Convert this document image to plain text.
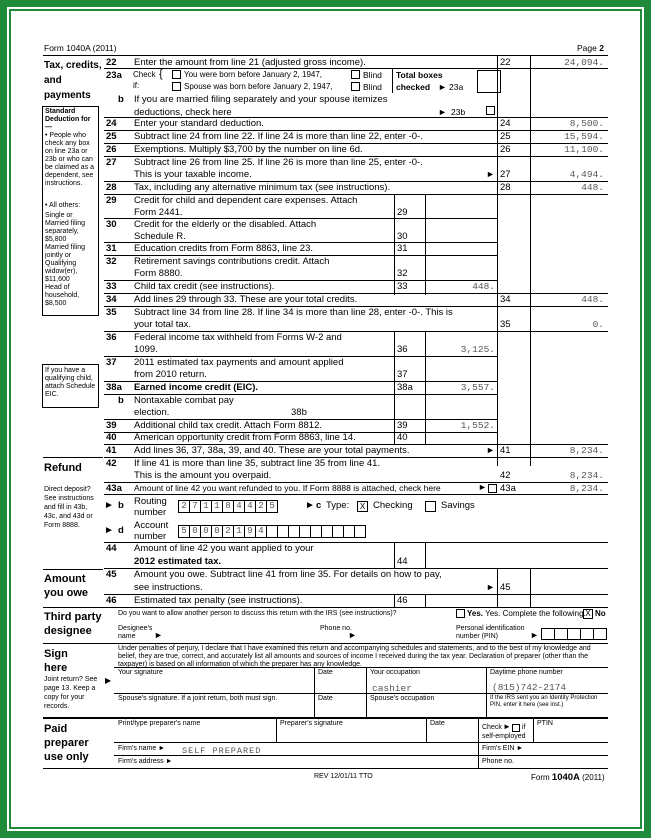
Form 1040A (2011)	Page 2
Tax, credits, and payments
Standard Deduction for—
• People who check any box on line 23a or 23b or who can be claimed as a dependent, see instructions.
• All others:
Single or Married filing separately, $5,800
Married filing jointly or Qualifying widow(er), $11,600
Head of household, $8,500
If you have a qualifying child, attach Schedule EIC.
Refund
Direct deposit? See instructions and fill in 43b, 43c, and 43d or Form 8888.
Amount you owe
Third party designee
Sign here
Joint return? See page 13. Keep a copy for your records.
Paid preparer use only
22 Enter the amount from line 21 (adjusted gross income).	22	24,094.
23a Check
if:
{	You were born before January 2, 1947,
Spouse was born before January 2, 1947,
Blind
Blind
Total boxes
checked ► 23a
b If you are married filing separately and your spouse itemizes
deductions, check here	► 23b
24 Enter your standard deduction.	24	8,500.
25 Subtract line 24 from line 22. If line 24 is more than line 22, enter -0-.	25	15,594.
26 Exemptions. Multiply $3,700 by the number on line 6d.	26	11,100.
27 Subtract line 26 from line 25. If line 26 is more than line 25, enter -0-.
This is your taxable income.	► 27	4,494.
28 Tax, including any alternative minimum tax (see instructions).	28	448.
29 Credit for child and dependent care expenses. Attach
Form 2441.	29
30 Credit for the elderly or the disabled. Attach
Schedule R.	30
31 Education credits from Form 8863, line 23.	31
32 Retirement savings contributions credit. Attach
Form 8880.	32
33 Child tax credit (see instructions).	33	448.
34 Add lines 29 through 33. These are your total credits.	34	448.
35 Subtract line 34 from line 28. If line 34 is more than line 28, enter -0-. This is
your total tax.	35	0.
36 Federal income tax withheld from Forms W-2 and
1099.	36	3,125.
37 2011 estimated tax payments and amount applied
from 2010 return.	37
38a Earned income credit (EIC).	38a	3,557.
b Nontaxable combat pay
election.	38b
39 Additional child tax credit. Attach Form 8812.	39	1,552.
40 American opportunity credit from Form 8863, line 14.	40
41 Add lines 36, 37, 38a, 39, and 40. These are your total payments.	► 41	8,234.
42 If line 41 is more than line 35, subtract line 35 from line 41.
This is the amount you overpaid.	42	8,234.
43a Amount of line 42 you want refunded to you. If Form 8888 is attached, check here	► 43a	8,234.
► b Routing
number
2 7 1 1 8 4 4 2 5	► c Type:	X Checking	Savings
► d Account
number	5 0 0 0 2 1 9 4
44 Amount of line 42 you want applied to your
2012 estimated tax.	44
45 Amount you owe. Subtract line 41 from line 35. For details on how to pay,
see instructions.	► 45
46 Estimated tax penalty (see instructions).	46
Do you want to allow another person to discuss this return with the IRS (see instructions)?	Yes. Yes. Complete the following. X No
Designee's name	►
Phone no.
►
Personal identification number (PIN)	►
Under penalties of perjury, I declare that I have examined this return and accompanying schedules and statements, and to the best of my knowledge and belief, they are true, correct, and accurately list all amounts and sources of income I received during the tax year. Declaration of preparer (other than the taxpayer) is based on all information of which the preparer has any knowledge.
▶
Your signature	Date	Your occupation
cashier
Daytime phone number
(815)742-2174
Spouse's signature. If a joint return, both must sign.	Date	Spouse's occupation	If the IRS sent you an Identity Protection PIN, enter it here (see inst.)
Print/type preparer's name	Preparer's signature	Date
Check ► if
self-employed
PTIN
Firm's name ► SELF PREPARED	Firm's EIN ►
Firm's address ►	Phone no.
REV 12/01/11 TTO	Form 1040A (2011)
